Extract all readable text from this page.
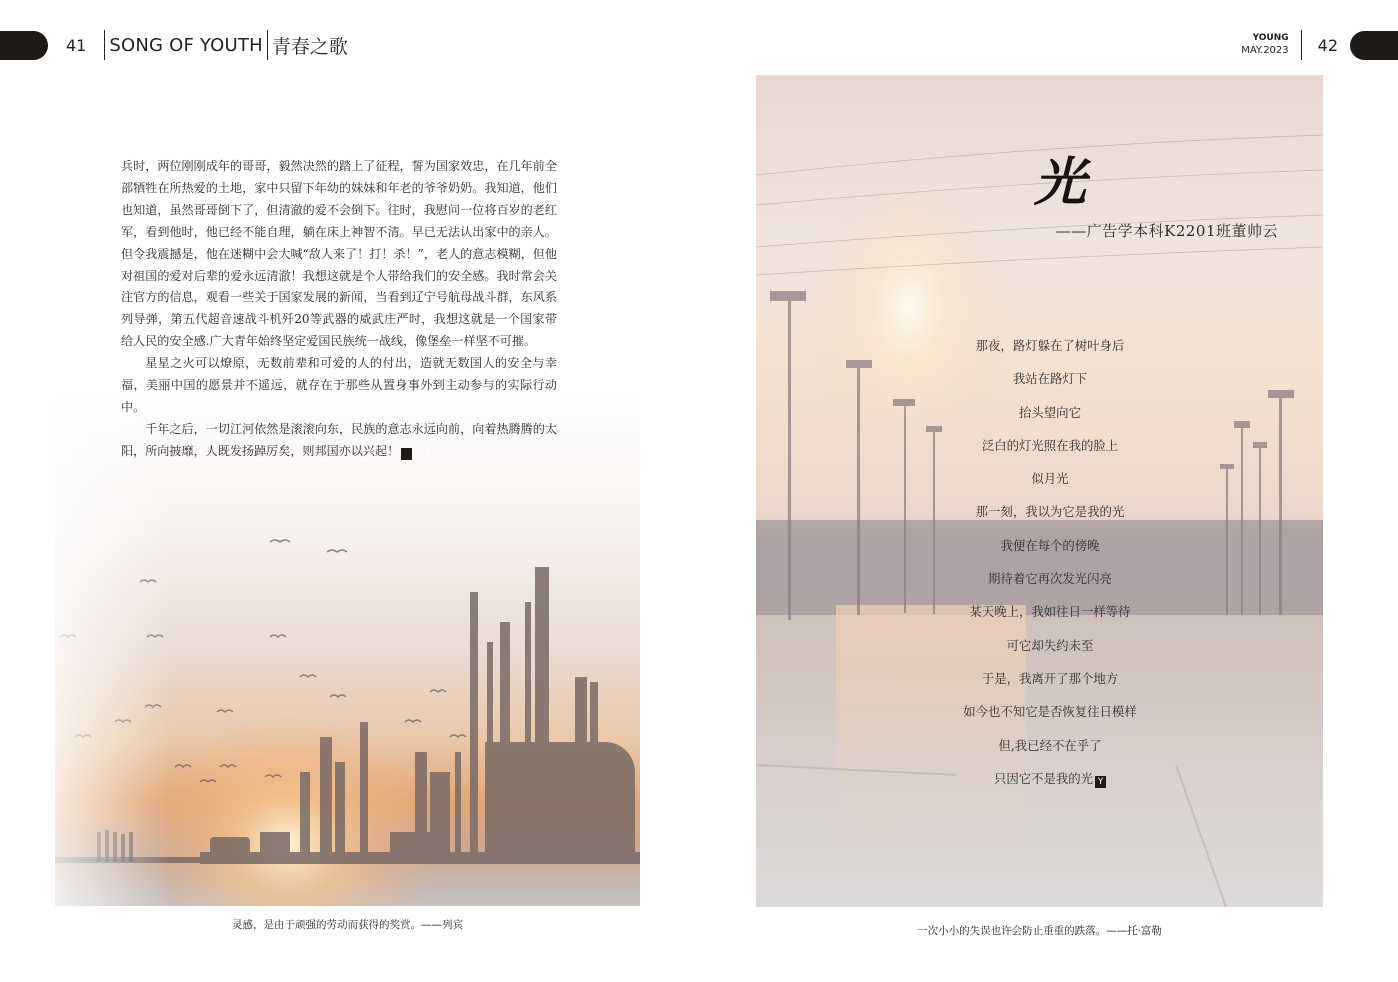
41 SONG OF YOUTH 青春之歌	YOUNG
MAY.2023 42

兵时，两位刚刚成年的哥哥，毅然决然的踏上了征程，誓为国家效忠，在几年前全部牺牲在所热爱的土地，家中只留下年幼的妹妹和年老的爷爷奶奶。我知道，他们也知道，虽然哥哥倒下了，但清澈的爱不会倒下。往时，我慰问一位将百岁的老红军，看到他时，他已经不能自理，躺在床上神智不清。早已无法认出家中的亲人。但令我震撼是，他在迷糊中会大喊“敌人来了！打！杀！”，老人的意志模糊，但他对祖国的爱对后辈的爱永远清澈！我想这就是个人带给我们的安全感。我时常会关注官方的信息，观看一些关于国家发展的新闻，当看到辽宁号航母战斗群，东风系列导弹，第五代超音速战斗机歼20等武器的威武庄严时，我想这就是一个国家带给人民的安全感.广大青年始终坚定爱国民族统一战线，像堡垒一样坚不可摧。

星星之火可以燎原，无数前辈和可爱的人的付出，造就无数国人的安全与幸福，美丽中国的愿景并不遥远，就存在于那些从置身事外到主动参与的实际行动中。

千年之后，一切江河依然是滚滚向东，民族的意志永远向前，向着热腾腾的太阳，所向披靡，人既发扬踔厉矣，则邦国亦以兴起！	Y

灵感，是由于顽强的劳动而获得的奖赏。——列宾
光
——广告学本科K2201班董帅云
那夜，路灯躲在了树叶身后
我站在路灯下
抬头望向它
泛白的灯光照在我的脸上
似月光
那一刻，我以为它是我的光
我便在每个的傍晚
期待着它再次发光闪亮
某天晚上，我如往日一样等待
可它却失约未至
于是，我离开了那个地方
如今也不知它是否恢复往日模样
但,我已经不在乎了
只因它不是我的光 Y
一次小小的失误也许会防止重重的跌落。——托·富勒
